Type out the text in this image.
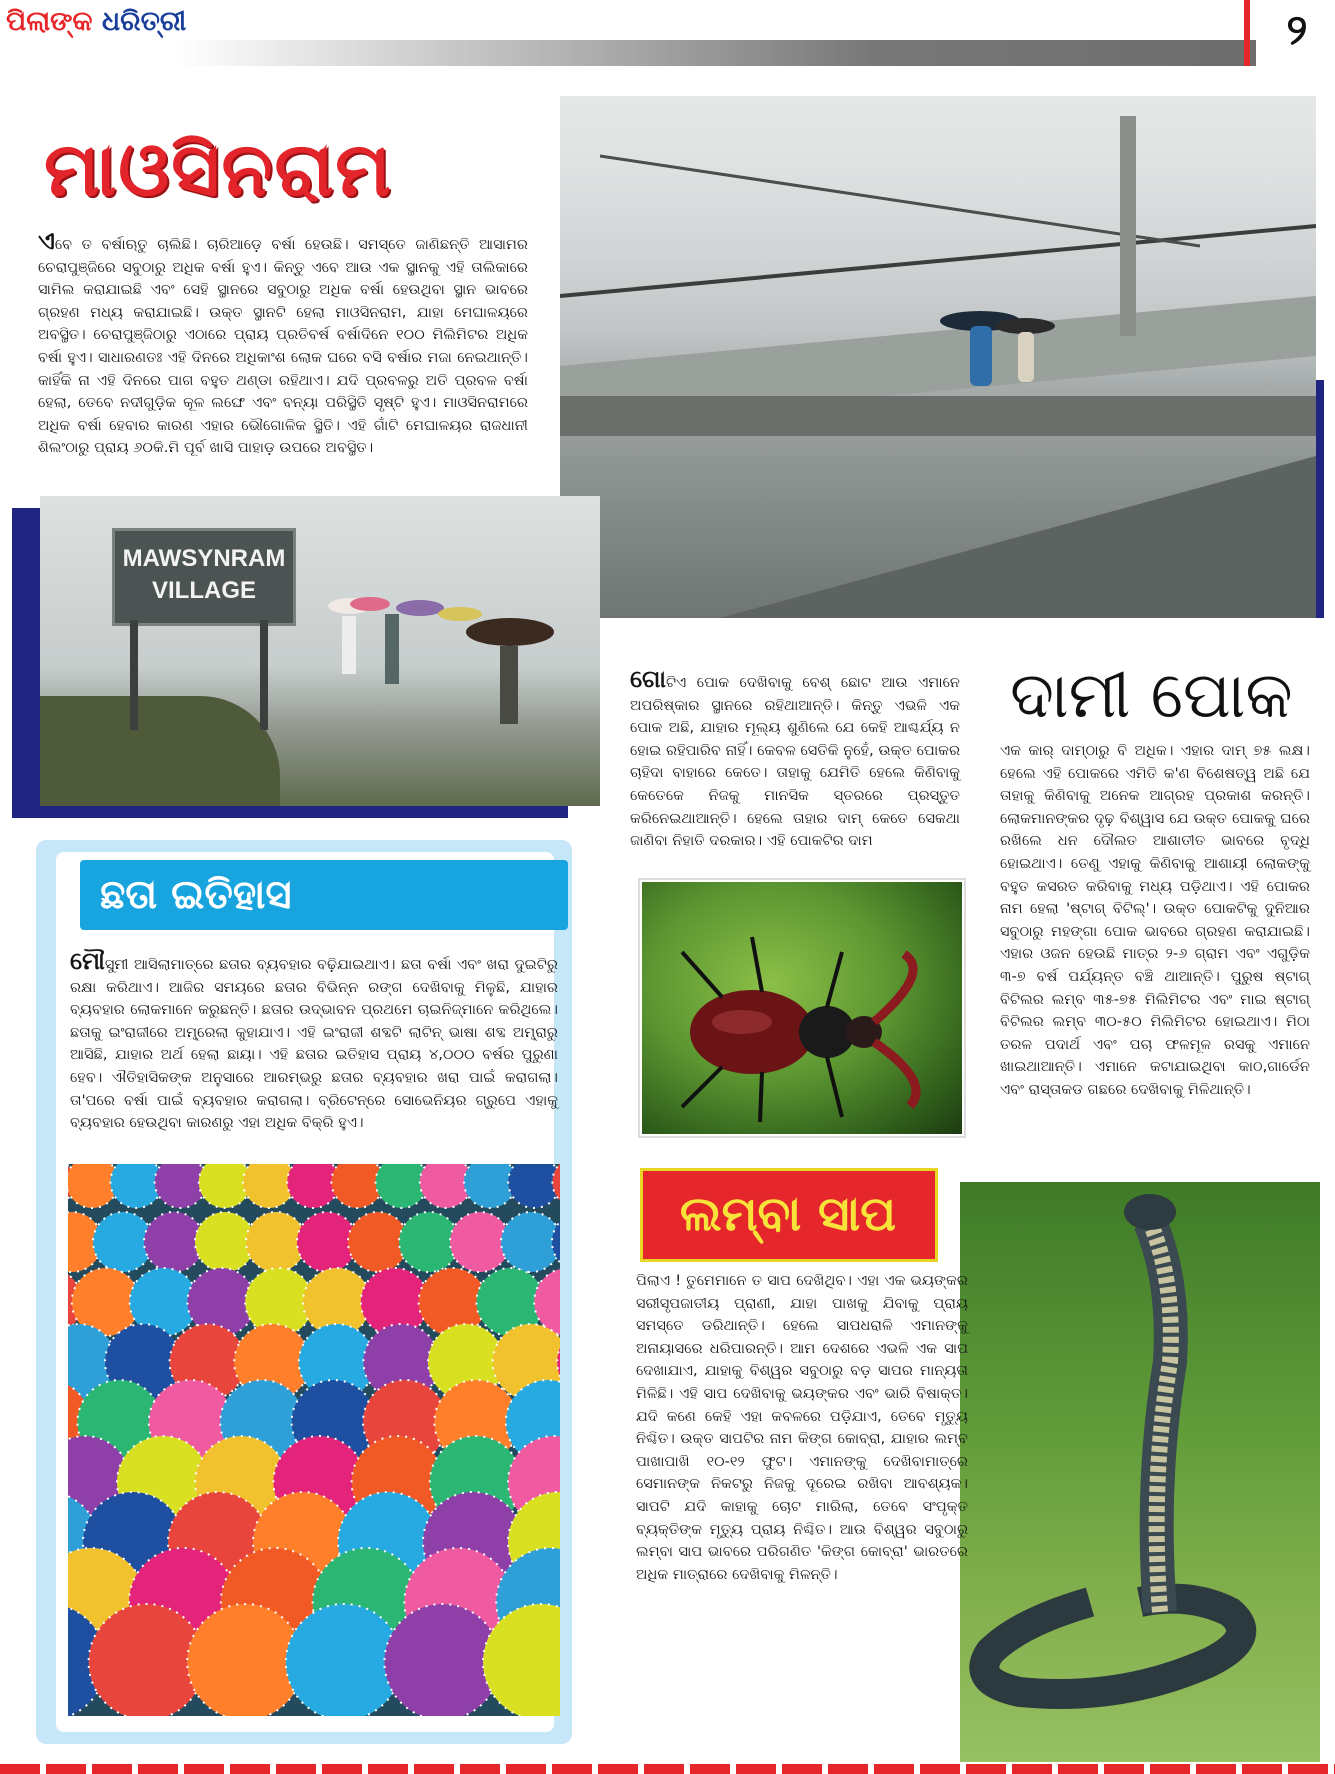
ପିଲାଙ୍କ ଧରିତ୍ରୀ	୨
ମାଓସିନରାମ
ଏବେ ତ ବର୍ଷାଋତୁ ଚାଲିଛି। ଚାରିଆଡ଼େ ବର୍ଷା ହେଉଛି। ସମସ୍ତେ ଜାଣିଛନ୍ତି ଆସାମର ଚେରାପୁଞ୍ଜିରେ ସବୁଠାରୁ ଅଧିକ ବର୍ଷା ହୁଏ। କିନ୍ତୁ ଏବେ ଆଉ ଏକ ସ୍ଥାନକୁ ଏହି ତାଲିକାରେ ସାମିଲ କରାଯାଇଛି ଏବଂ ସେହି ସ୍ଥାନରେ ସବୁଠାରୁ ଅଧିକ ବର୍ଷା ହେଉଥିବା ସ୍ଥାନ ଭାବରେ ଗ୍ରହଣ ମଧ୍ୟ କରାଯାଇଛି। ଉକ୍ତ ସ୍ଥାନଟି ହେଲା ମାଓସିନରାମ, ଯାହା ମେଘାଳୟରେ ଅବସ୍ଥିତ। ଚେରାପୁଞ୍ଜିଠାରୁ ଏଠାରେ ପ୍ରାୟ ପ୍ରତିବର୍ଷ ବର୍ଷାଦିନେ ୧୦୦ ମିଲିମିଟର ଅଧିକ ବର୍ଷା ହୁଏ। ସାଧାରଣତଃ ଏହି ଦିନରେ ଅଧିକାଂଶ ଲୋକ ଘରେ ବସି ବର୍ଷାର ମଜା ନେଇଥାନ୍ତି। କାହିଁକି ନା ଏହି ଦିନରେ ପାଗ ବହୁତ ଥଣ୍ଡା ରହିଥାଏ। ଯଦି ପ୍ରବଳରୁ ଅତି ପ୍ରବଳ ବର୍ଷା ହେଲା, ତେବେ ନଦୀଗୁଡ଼ିକ କୂଳ ଲଙ୍ଘେ ଏବଂ ବନ୍ୟା ପରିସ୍ଥିତି ସୃଷ୍ଟି ହୁଏ। ମାଓସିନରାମରେ ଅଧିକ ବର୍ଷା ହେବାର କାରଣ ଏହାର ଭୌଗୋଳିକ ସ୍ଥିତି। ଏହି ଗାଁଟି ମେଘାଳୟର ରାଜଧାନୀ ଶିଲଂଠାରୁ ପ୍ରାୟ ୬୦କି.ମି ପୂର୍ବ ଖାସି ପାହାଡ଼ ଉପରେ ଅବସ୍ଥିତ।
MAWSYNRAM
VILLAGE
ଗୋଟିଏ ପୋକ ଦେଖିବାକୁ ବେଶ୍ ଛୋଟ ଆଉ ଏମାନେ ଅପରିଷ୍କାର ସ୍ଥାନରେ ରହିଥାଆନ୍ତି। କିନ୍ତୁ ଏଭଳି ଏକ ପୋକ ଅଛି, ଯାହାର ମୂଲ୍ୟ ଶୁଣିଲେ ଯେ କେହି ଆଶ୍ଚର୍ଯ୍ୟ ନ ହୋଇ ରହିପାରିବ ନାହିଁ। କେବଳ ସେତିକି ନୁହେଁ, ଉକ୍ତ ପୋକର ଚାହିଦା ବାହାରେ କେତେ। ତାହାକୁ ଯେମିତି ହେଲେ କିଣିବାକୁ କେତେକେ ନିଜକୁ ମାନସିକ ସ୍ତରରେ ପ୍ରସ୍ତୁତ କରିନେଇଥାଆନ୍ତି। ହେଲେ ତାହାର ଦାମ୍ କେତେ ସେକଥା ଜାଣିବା ନିହାତି ଦରକାର। ଏହି ପୋକଟିର ଦାମ
ଦାମୀ ପୋକ
ଏକ କାର୍ ଦାମ୍ଠାରୁ ବି ଅଧିକ। ଏହାର ଦାମ୍ ୭୫ ଲକ୍ଷ। ହେଲେ ଏହି ପୋକରେ ଏମିତି କ'ଣ ବିଶେଷତ୍ୱ ଅଛି ଯେ ତାହାକୁ କିଣିବାକୁ ଅନେକ ଆଗ୍ରହ ପ୍ରକାଶ କରନ୍ତି। ଲୋକମାନଙ୍କର ଦୃଢ଼ ବିଶ୍ୱାସ ଯେ ଉକ୍ତ ପୋକକୁ ଘରେ ରଖିଲେ ଧନ ଦୌଲତ ଆଶାତୀତ ଭାବରେ ବୃଦ୍ଧି ହୋଇଥାଏ। ତେଣୁ ଏହାକୁ କିଣିବାକୁ ଆଶାୟୀ ଲୋକଙ୍କୁ ବହୁତ କସରତ କରିବାକୁ ମଧ୍ୟ ପଡ଼ିଥାଏ। ଏହି ପୋକର ନାମ ହେଲା 'ଷ୍ଟାଗ୍ ବିଟିଲ୍'। ଉକ୍ତ ପୋକଟିକୁ ଦୁନିଆର ସବୁଠାରୁ ମହଙ୍ଗା ପୋକ ଭାବରେ ଗ୍ରହଣ କରାଯାଇଛି। ଏହାର ଓଜନ ହେଉଛି ମାତ୍ର ୨-୬ ଗ୍ରାମ ଏବଂ ଏଗୁଡ଼ିକ ୩-୭ ବର୍ଷ ପର୍ଯ୍ୟନ୍ତ ବଞ୍ଚି ଥାଆନ୍ତି। ପୁରୁଷ ଷ୍ଟାଗ୍ ବିଟିଲର ଲମ୍ବ ୩୫-୭୫ ମିଲିମିଟର ଏବଂ ମାଇ ଷ୍ଟାଗ୍ ବିଟିଲର ଲମ୍ବ ୩୦-୫୦ ମିଲିମିଟର ହୋଇଥାଏ। ମିଠା ତରଳ ପଦାର୍ଥ ଏବଂ ପଚା ଫଳମୂଳ ରସକୁ ଏମାନେ ଖାଇଥାଆନ୍ତି। ଏମାନେ କଟାଯାଇଥିବା କାଠ,ଗାର୍ଡେନ ଏବଂ ରାସ୍ତାକଡ ଗଛରେ ଦେଖିବାକୁ ମିଳିଥାନ୍ତି।
ଛତା ଇତିହାସ
ମୌସୁମୀ ଆସିଲାମାତ୍ରେ ଛତାର ବ୍ୟବହାର ବଢ଼ିଯାଇଥାଏ। ଛତା ବର୍ଷା ଏବଂ ଖରା ଦୁଇଟିରୁ ରକ୍ଷା କରିଥାଏ। ଆଜିର ସମୟରେ ଛତାର ବିଭିନ୍ନ ରଙ୍ଗ ଦେଖିବାକୁ ମିଳୁଛି, ଯାହାର ବ୍ୟବହାର ଲୋକମାନେ କରୁଛନ୍ତି। ଛତାର ଉଦ୍ଭାବନ ପ୍ରଥମେ ଚାଇନିଜ୍ମାନେ କରିଥିଲେ। ଛତାକୁ ଇଂରାଜୀରେ ଅମ୍ବ୍ରେଲା କୁହାଯାଏ। ଏହି ଇଂରାଜୀ ଶବ୍ଦଟି ଲାଟିନ୍ ଭାଷା ଶବ୍ଦ ଅମ୍ବ୍ରାରୁ ଆସିଛି, ଯାହାର ଅର୍ଥ ହେଲା ଛାୟା। ଏହି ଛତାର ଇତିହାସ ପ୍ରାୟ ୪,୦୦୦ ବର୍ଷର ପୁରୁଣା ହେବ। ଐତିହାସିକଙ୍କ ଅନୁସାରେ ଆରମ୍ଭରୁ ଛତାର ବ୍ୟବହାର ଖରା ପାଇଁ କରାଗଲା। ତା'ପରେ ବର୍ଷା ପାଇଁ ବ୍ୟବହାର କରାଗଲା। ବ୍ରିଟେନ୍ରେ ସୋଭେନିୟର ଗ୍ରୁପେ ଏହାକୁ ବ୍ୟବହାର ହେଉଥିବା କାରଣରୁ ଏହା ଅଧିକ ବିକ୍ରି ହୁଏ।
ଲମ୍ବା ସାପ
ପିଲାଏ ! ତୁମେମାନେ ତ ସାପ ଦେଖିଥିବ। ଏହା ଏକ ଭୟଙ୍କର ସରୀସୃପଜାତୀୟ ପ୍ରାଣୀ, ଯାହା ପାଖକୁ ଯିବାକୁ ପ୍ରାୟ ସମସ୍ତେ ଡରିଥାନ୍ତି। ହେଲେ ସାପଧରାଳି ଏମାନଙ୍କୁ ଅନାୟାସରେ ଧରିପାରନ୍ତି। ଆମ ଦେଶରେ ଏଭଳି ଏକ ସାପ ଦେଖାଯାଏ, ଯାହାକୁ ବିଶ୍ୱର ସବୁଠାରୁ ବଡ଼ ସାପର ମାନ୍ୟତା ମିଳିଛି। ଏହି ସାପ ଦେଖିବାକୁ ଭୟଙ୍କର ଏବଂ ଭାରି ବିଷାକ୍ତ। ଯଦି କଣେ କେହି ଏହା କବଳରେ ପଡ଼ିଯାଏ, ତେବେ ମୃତ୍ୟୁ ନିଶ୍ଚିତ। ଉକ୍ତ ସାପଟିର ନାମ କିଙ୍ଗ କୋବ୍ରା, ଯାହାର ଲମ୍ବ ପାଖାପାଖି ୧୦-୧୨ ଫୁଟ। ଏମାନଙ୍କୁ ଦେଖିବାମାତ୍ରେ ସେମାନଙ୍କ ନିକଟରୁ ନିଜକୁ ଦୂରେଇ ରଖିବା ଆବଶ୍ୟକ। ସାପଟି ଯଦି କାହାକୁ ଚୋଟ ମାରିଲା, ତେବେ ସଂପୃକ୍ତ ବ୍ୟକ୍ତିଙ୍କ ମୃତ୍ୟୁ ପ୍ରାୟ ନିଶ୍ଚିତ। ଆଉ ବିଶ୍ୱର ସବୁଠାରୁ ଲମ୍ବା ସାପ ଭାବରେ ପରିଗଣିତ 'କିଙ୍ଗ କୋବ୍ରା' ଭାରତରେ ଅଧିକ ମାତ୍ରାରେ ଦେଖିବାକୁ ମିଳନ୍ତି।
